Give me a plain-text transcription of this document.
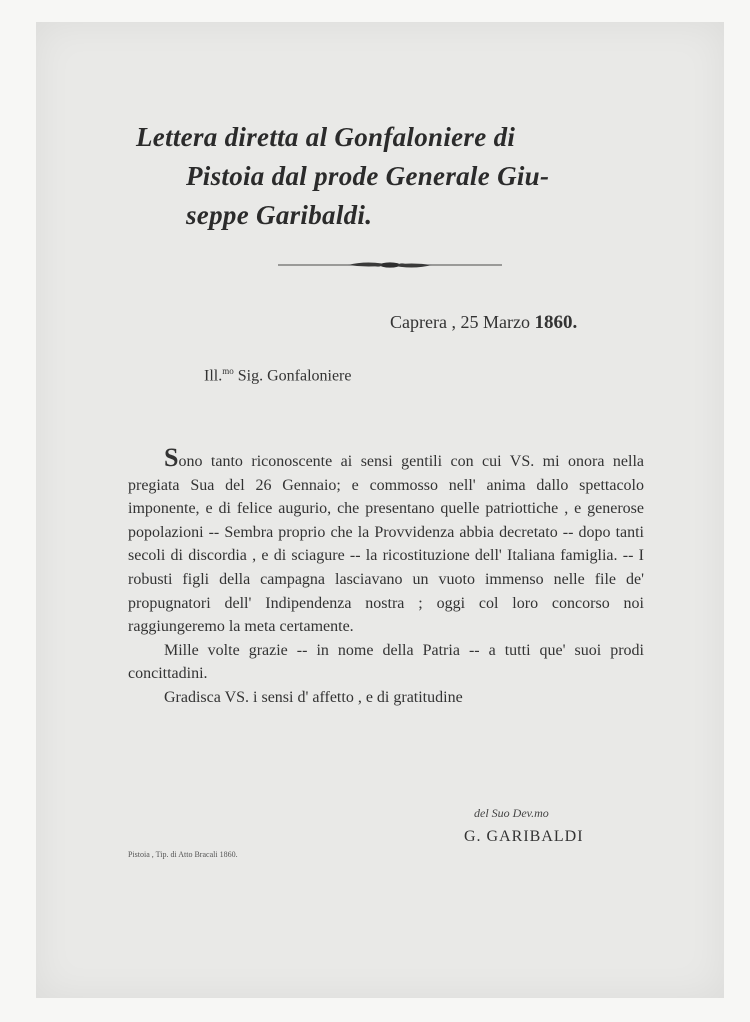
Lettera diretta al Gonfaloniere di
Pistoia dal prode Generale Giu-
seppe Garibaldi.
Caprera , 25 Marzo 1860.
Ill.$^{mo}$ Sig. Gonfaloniere

Sono tanto riconoscente ai sensi gentili con cui VS. mi onora nella pregiata Sua del 26 Gennaio; e commosso nell' anima dallo spettacolo imponente, e di felice augurio, che presentano quelle patriottiche , e generose popolazioni -- Sembra proprio che la Provvidenza abbia decretato -- dopo tanti secoli di discordia , e di sciagure -- la ricostituzione dell' Italiana famiglia. -- I robusti figli della campagna lasciavano un vuoto immenso nelle file de' propugnatori dell' Indipendenza nostra ; oggi col loro concorso noi raggiungeremo la meta certamente.

Mille volte grazie -- in nome della Patria -- a tutti que' suoi prodi concittadini.

Gradisca VS. i sensi d' affetto , e di gratitudine

del Suo Dev.mo
G. GARIBALDI
Pistoia , Tip. di Atto Bracali 1860.
